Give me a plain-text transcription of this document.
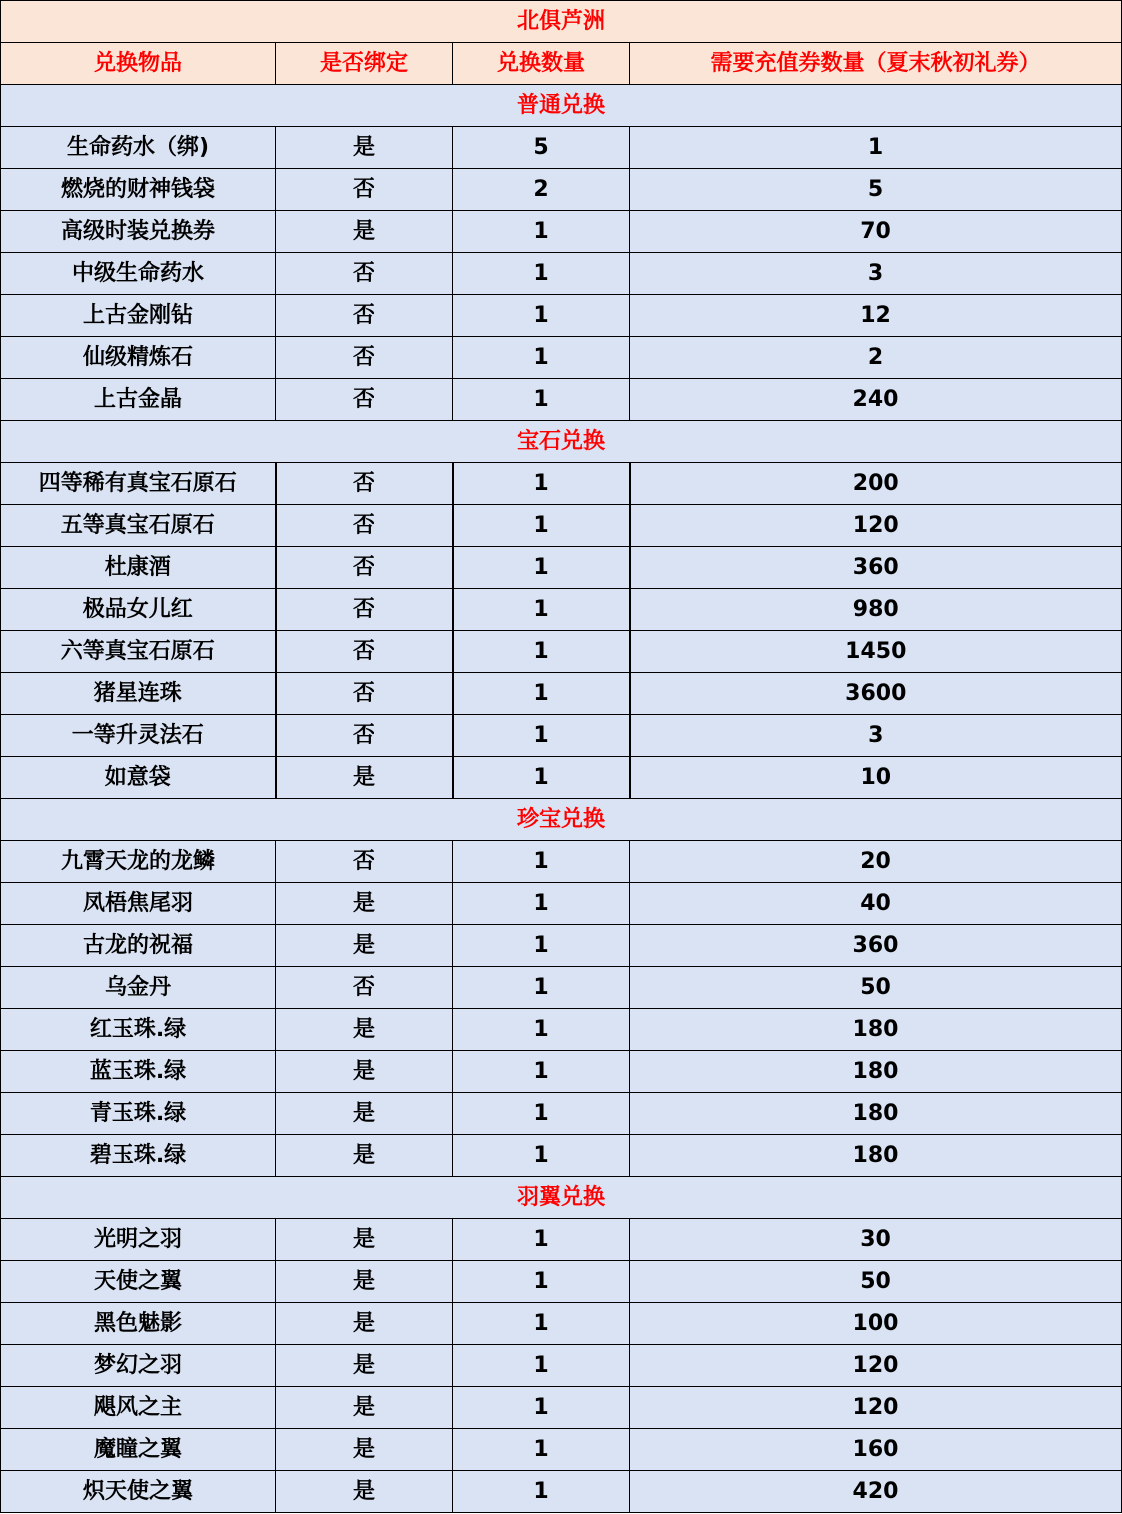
北俱芦洲			
兑换物品	是否绑定	兑换数量	需要充值券数量（夏末秋初礼券）
普通兑换			
生命药水（绑)	是	5	1
燃烧的财神钱袋	否	2	5
高级时装兑换券	是	1	70
中级生命药水	否	1	3
上古金刚钻	否	1	12
仙级精炼石	否	1	2
上古金晶	否	1	240
宝石兑换			
四等稀有真宝石原石	否	1	200
五等真宝石原石	否	1	120
杜康酒	否	1	360
极品女儿红	否	1	980
六等真宝石原石	否	1	1450
猪星连珠	否	1	3600
一等升灵法石	否	1	3
如意袋	是	1	10
珍宝兑换			
九霄天龙的龙鳞	否	1	20
凤梧焦尾羽	是	1	40
古龙的祝福	是	1	360
乌金丹	否	1	50
红玉珠.绿	是	1	180
蓝玉珠.绿	是	1	180
青玉珠.绿	是	1	180
碧玉珠.绿	是	1	180
羽翼兑换			
光明之羽	是	1	30
天使之翼	是	1	50
黑色魅影	是	1	100
梦幻之羽	是	1	120
飓风之主	是	1	120
魔瞳之翼	是	1	160
炽天使之翼	是	1	420
